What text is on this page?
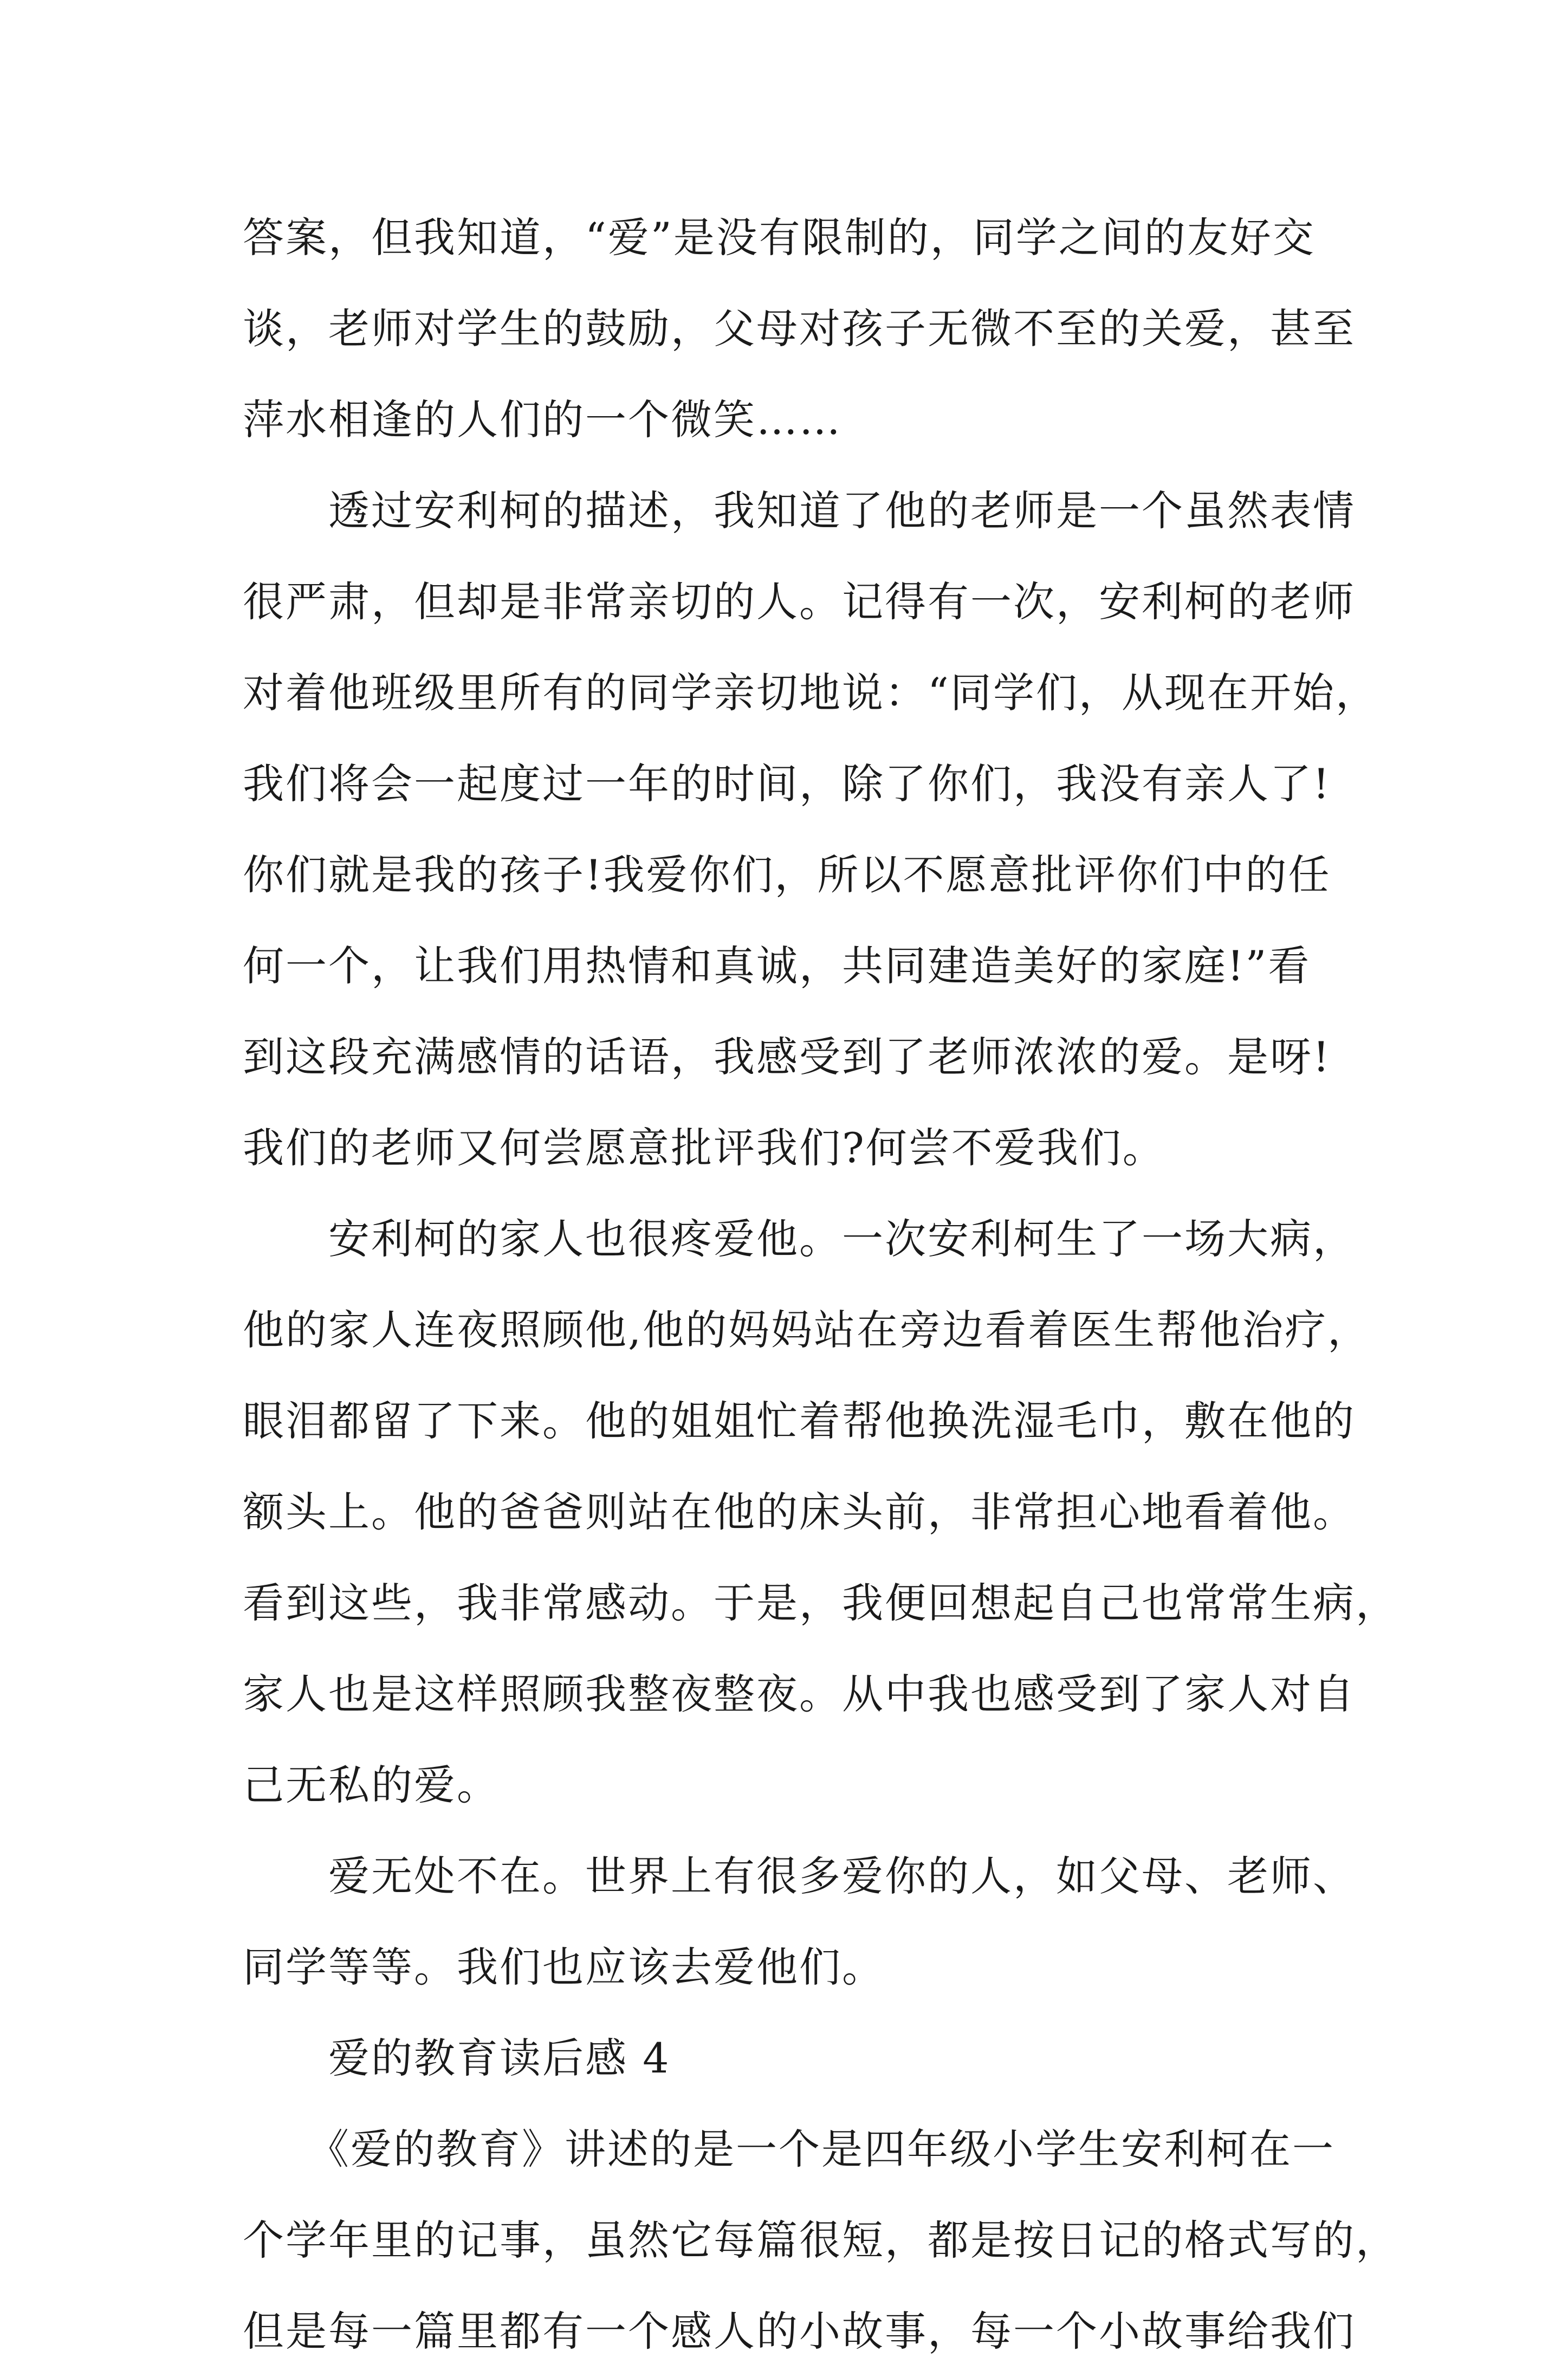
答案，但我知道，“爱”是没有限制的，同学之间的友好交
谈，老师对学生的鼓励，父母对孩子无微不至的关爱，甚至
萍水相逢的人们的一个微笑……
　　透过安利柯的描述，我知道了他的老师是一个虽然表情
很严肃，但却是非常亲切的人。记得有一次，安利柯的老师
对着他班级里所有的同学亲切地说：“同学们，从现在开始，
我们将会一起度过一年的时间，除了你们，我没有亲人了!
你们就是我的孩子!我爱你们，所以不愿意批评你们中的任
何一个，让我们用热情和真诚，共同建造美好的家庭!”看
到这段充满感情的话语，我感受到了老师浓浓的爱。是呀!
我们的老师又何尝愿意批评我们?何尝不爱我们。
　　安利柯的家人也很疼爱他。一次安利柯生了一场大病，
他的家人连夜照顾他,他的妈妈站在旁边看着医生帮他治疗，
眼泪都留了下来。他的姐姐忙着帮他换洗湿毛巾，敷在他的
额头上。他的爸爸则站在他的床头前，非常担心地看着他。
看到这些，我非常感动。于是，我便回想起自己也常常生病，
家人也是这样照顾我整夜整夜。从中我也感受到了家人对自
己无私的爱。
　　爱无处不在。世界上有很多爱你的人，如父母、老师、
同学等等。我们也应该去爱他们。
　　爱的教育读后感 4
　　《爱的教育》讲述的是一个是四年级小学生安利柯在一
个学年里的记事，虽然它每篇很短，都是按日记的格式写的，
但是每一篇里都有一个感人的小故事，每一个小故事给我们
